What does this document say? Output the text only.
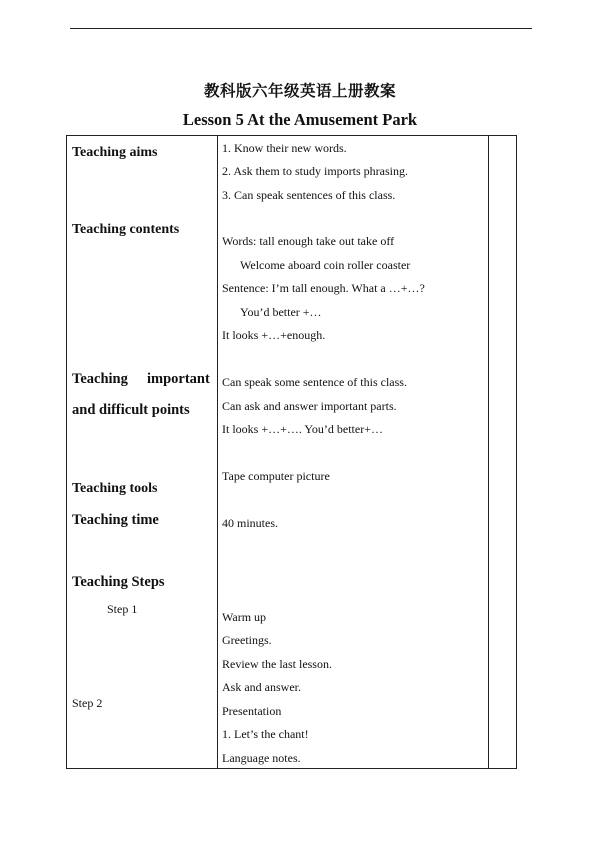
教科版六年级英语上册教案
Lesson 5 At the Amusement Park
Teaching aims
Teaching contents
Teaching important
and difficult points
Teaching tools
Teaching time
Teaching Steps
Step 1
Step 2
1. Know their new words.
2. Ask them to study imports phrasing.
3. Can speak sentences of this class.
Words: tall enough take out take off
Welcome aboard coin roller coaster
Sentence: I’m tall enough. What a …+…?
You’d better +…
It looks +…+enough.
Can speak some sentence of this class.
Can ask and answer important parts.
It looks +…+…. You’d better+…
Tape computer picture
40 minutes.
Warm up
Greetings.
Review the last lesson.
Ask and answer.
Presentation
1. Let’s the chant!
Language notes.
